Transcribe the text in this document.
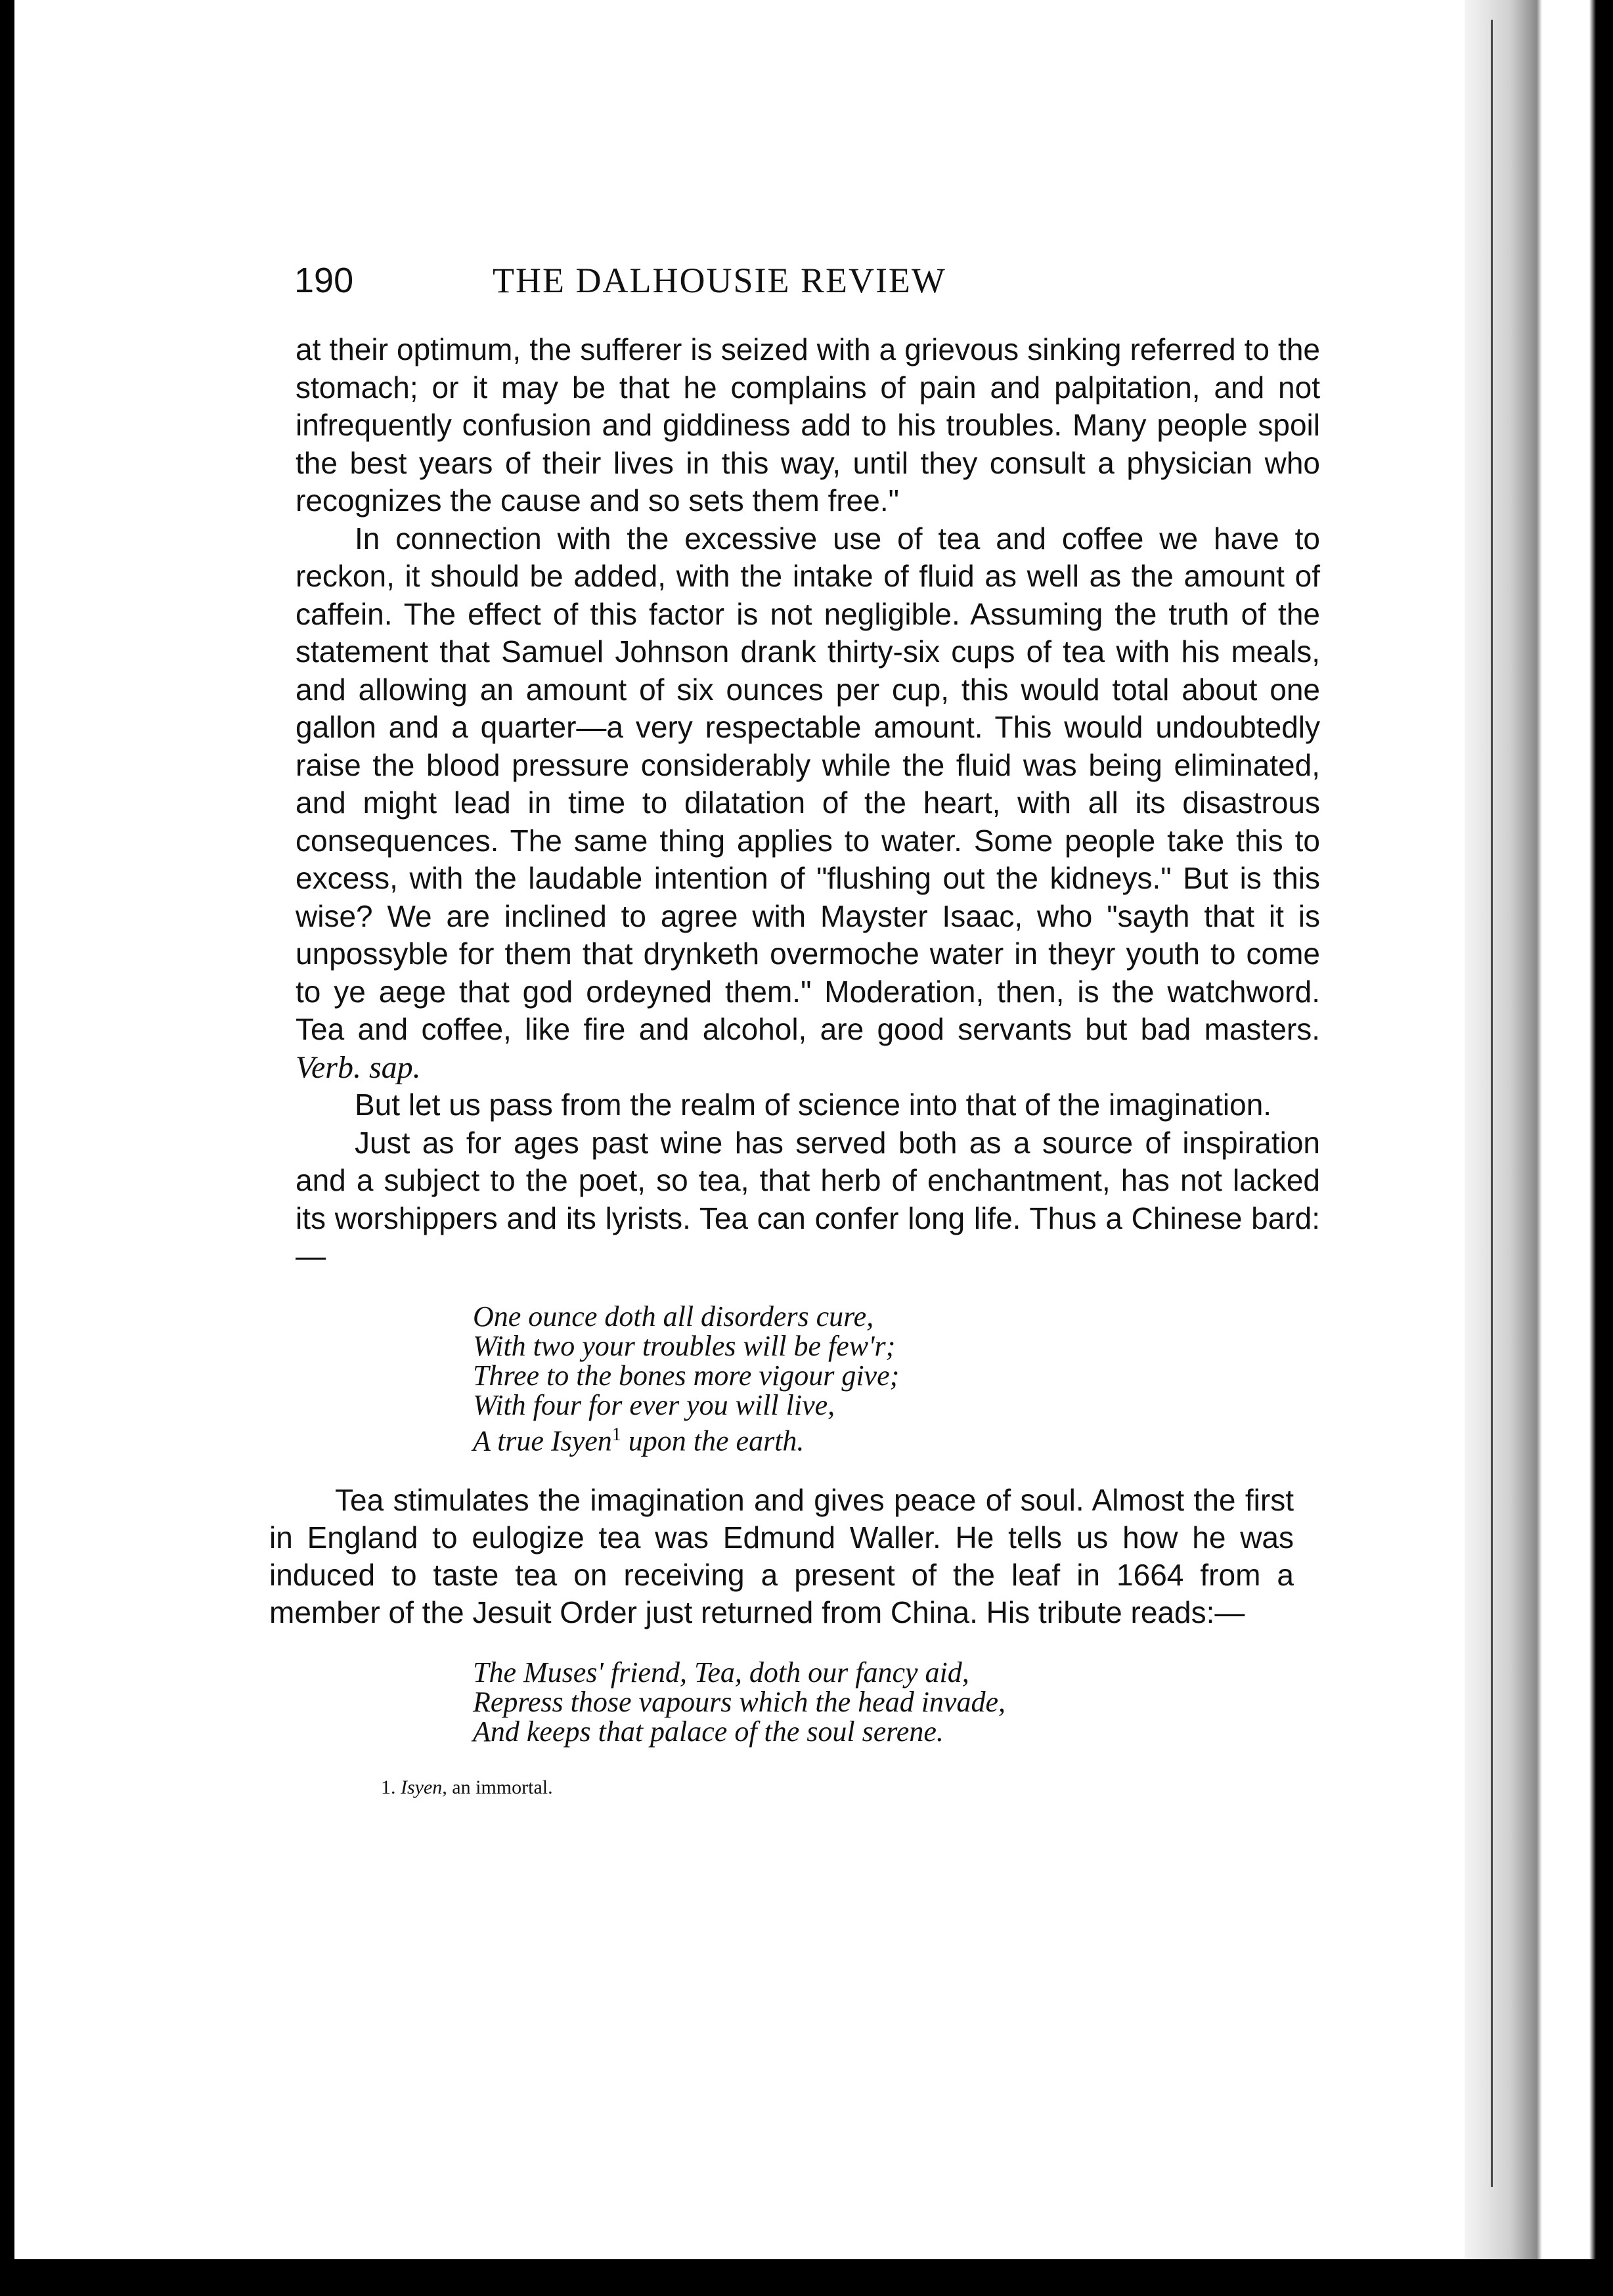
190	THE DALHOUSIE REVIEW

at their optimum, the sufferer is seized with a grievous sinking referred to the stomach; or it may be that he complains of pain and palpitation, and not infrequently confusion and giddiness add to his troubles. Many people spoil the best years of their lives in this way, until they consult a physician who recognizes the cause and so sets them free."

In connection with the excessive use of tea and coffee we have to reckon, it should be added, with the intake of fluid as well as the amount of caffein. The effect of this factor is not negligible. Assuming the truth of the statement that Samuel Johnson drank thirty-six cups of tea with his meals, and allowing an amount of six ounces per cup, this would total about one gallon and a quarter—a very respectable amount. This would undoubtedly raise the blood pressure considerably while the fluid was being eliminated, and might lead in time to dilatation of the heart, with all its disastrous consequences. The same thing applies to water. Some people take this to excess, with the laudable intention of "flushing out the kidneys." But is this wise? We are inclined to agree with Mayster Isaac, who "sayth that it is unpossyble for them that drynketh overmoche water in theyr youth to come to ye aege that god ordeyned them." Moderation, then, is the watchword. Tea and coffee, like fire and alcohol, are good servants but bad masters. Verb. sap.

But let us pass from the realm of science into that of the imagination.

Just as for ages past wine has served both as a source of inspiration and a subject to the poet, so tea, that herb of enchantment, has not lacked its worshippers and its lyrists. Tea can confer long life. Thus a Chinese bard:—

One ounce doth all disorders cure,
With two your troubles will be few'r;
Three to the bones more vigour give;
With four for ever you will live,
A true Isyen$^1$ upon the earth.

Tea stimulates the imagination and gives peace of soul. Almost the first in England to eulogize tea was Edmund Waller. He tells us how he was induced to taste tea on receiving a present of the leaf in 1664 from a member of the Jesuit Order just returned from China. His tribute reads:—

The Muses' friend, Tea, doth our fancy aid,
Repress those vapours which the head invade,
And keeps that palace of the soul serene.
1. Isyen, an immortal.
